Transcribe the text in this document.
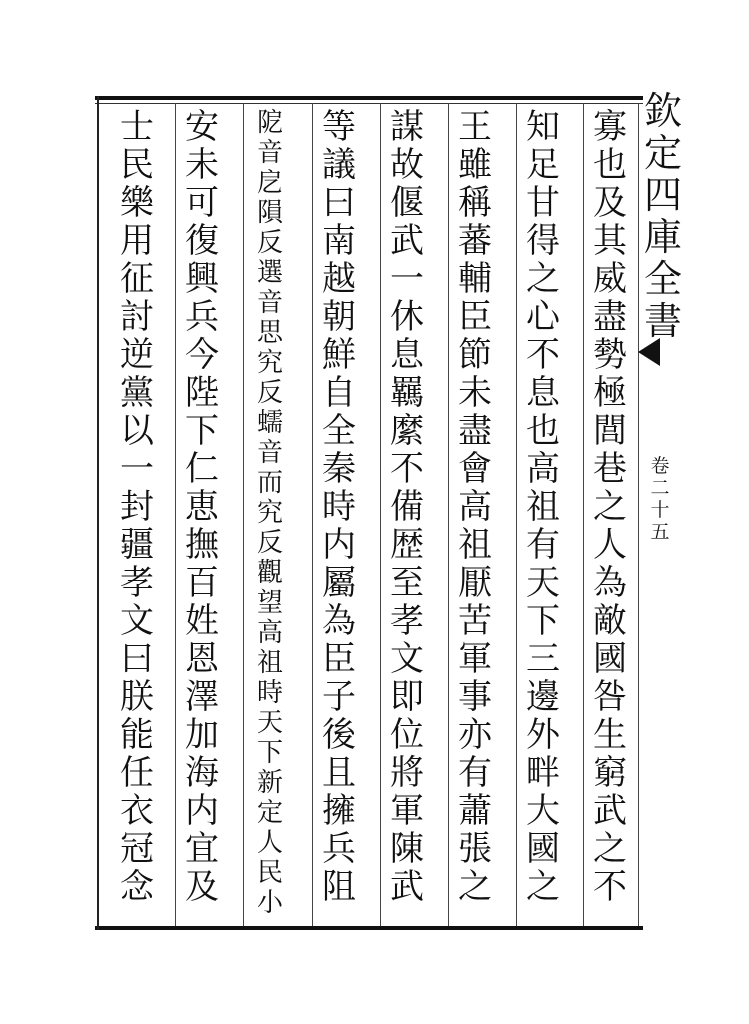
欽
定
四
庫
全
書
卷
二
十
五
寡
也
及
其
威
盡
勢
極
閭
巷
之
人
為
敵
國
咎
生
窮
武
之
不
知
足
甘
得
之
心
不
息
也
高
祖
有
天
下
三
邊
外
畔
大
國
之
王
雖
稱
蕃
輔
臣
節
未
盡
會
高
祖
厭
苦
軍
事
亦
有
蕭
張
之
謀
故
偃
武
一
休
息
羈
縻
不
備
歴
至
孝
文
即
位
將
軍
陳
武
等
議
曰
南
越
朝
鮮
自
全
秦
時
内
屬
為
臣
子
後
且
擁
兵
阻
阸
音
戹
隕
反
選
音
思
究
反
蠕
音
而
究
反
觀
望
高
祖
時
天
下
新
定
人
民
小
安
未
可
復
興
兵
今
陛
下
仁
恵
撫
百
姓
恩
澤
加
海
内
宜
及
士
民
樂
用
征
討
逆
黨
以
一
封
疆
孝
文
曰
朕
能
任
衣
冠
念
